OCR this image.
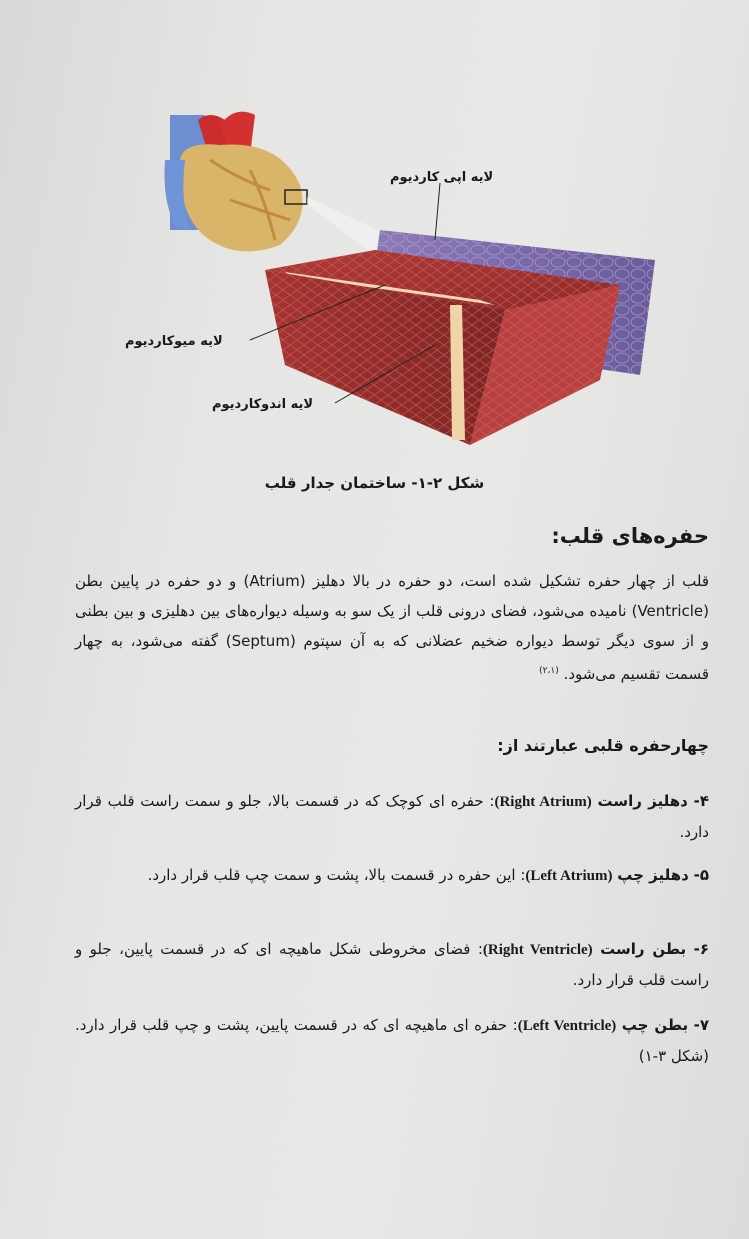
لایه اپی کاردیوم
لایه میوکاردیوم
لایه اندوکاردیوم
شکل ۲-۱- ساختمان جدار قلب
حفره‌های قلب:
قلب از چهار حفره تشکیل شده است، دو حفره در بالا دهلیز (Atrium) و دو حفره در پایین بطن (Ventricle) نامیده می‌شود، فضای درونی قلب از یک سو به وسیله دیواره‌های بین دهلیزی و بین بطنی و از سوی دیگر توسط دیواره ضخیم عضلانی که به آن سپتوم (Septum) گفته می‌شود، به چهار قسمت تقسیم می‌شود. $^{(۲،۱)}$
چهارحفره قلبی عبارتند از:
۴- دهلیز راست (Right Atrium): حفره ای کوچک که در قسمت بالا، جلو و سمت راست قلب قرار دارد.
۵- دهلیز چپ (Left Atrium): این حفره در قسمت بالا، پشت و سمت چپ قلب قرار دارد.
۶- بطن راست (Right Ventricle): فضای مخروطی شکل ماهیچه ای که در قسمت پایین، جلو و راست قلب قرار دارد.
۷- بطن چپ (Left Ventricle): حفره ای ماهیچه ای که در قسمت پایین، پشت و چپ قلب قرار دارد. (شکل ۳-۱)
